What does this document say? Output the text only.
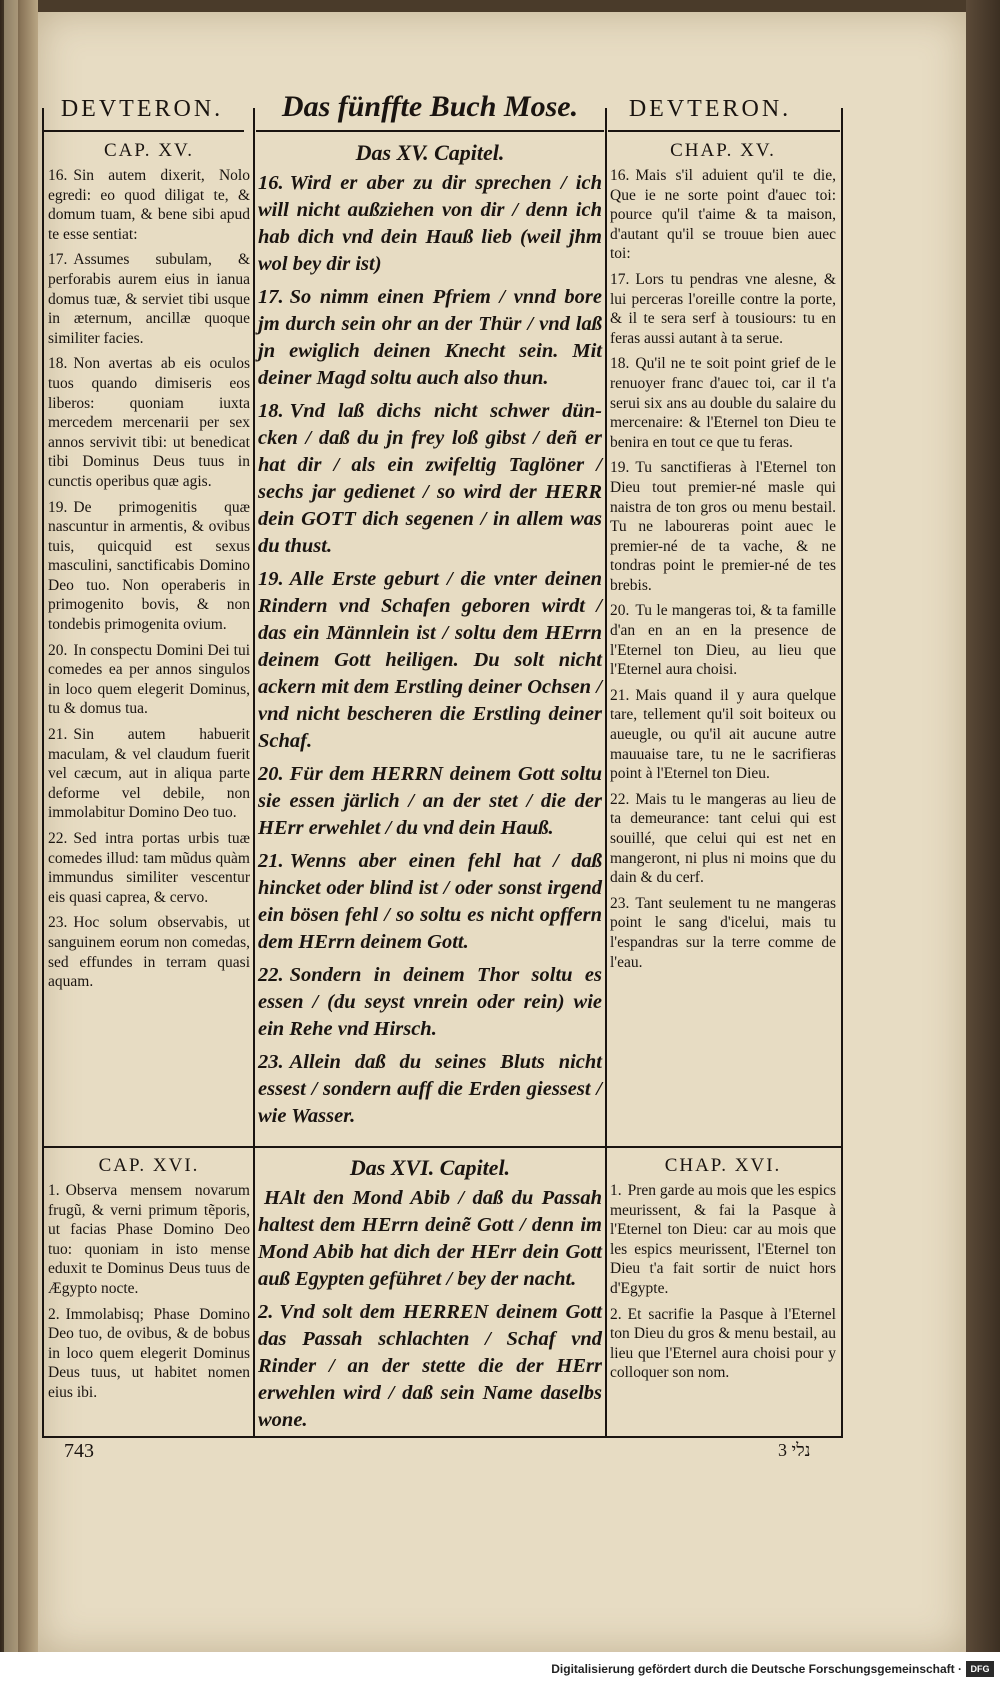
DEVTERON.	Das fünffte Buch Mose.	DEVTERON.
CAP. XV.

16. Sin autem dixerit, Nolo egredi: eo quod diligat te, & domum tuam, & bene sibi apud te esse sentiat:

17. Assumes subulam, & perforabis aurem eius in ianua domus tuæ, & serviet tibi usque in æternum, ancillæ quoque similiter facies.

18. Non avertas ab eis oculos tuos quando dimiseris eos liberos: quoniam iuxta mercedem mercenarii per sex annos servivit tibi: ut benedicat tibi Dominus Deus tuus in cunctis operibus quæ agis.

19. De primogenitis quæ nascuntur in armentis, & ovibus tuis, quicquid est sexus masculini, sanctificabis Domino Deo tuo. Non operaberis in primogenito bovis, & non tondebis primogenita ovium.

20. In conspectu Domini Dei tui comedes ea per annos singulos in loco quem elegerit Dominus, tu & domus tua.

21. Sin autem habuerit maculam, & vel claudum fuerit vel cæcum, aut in aliqua parte deforme vel debile, non immolabitur Domino Deo tuo.

22. Sed intra portas urbis tuæ comedes illud: tam mũdus quàm immundus similiter vescentur eis quasi caprea, & cervo.

23. Hoc solum observabis, ut sanguinem eorum non comedas, sed effundes in terram quasi aquam.

Das XV. Capitel.

16. Wird er aber zu dir sprechen / ich will nicht außziehen von dir / denn ich hab dich vnd dein Hauß lieb (weil jhm wol bey dir ist)

17. So nimm einen Pfriem / vnnd bore jm durch sein ohr an der Thür / vnd laß jn ewiglich deinen Knecht sein. Mit deiner Magd soltu auch also thun.

18. Vnd laß dichs nicht schwer dün-cken / daß du jn frey loß gibst / deñ er hat dir / als ein zwifeltig Taglöner / sechs jar gedienet / so wird der HERR dein GOTT dich segenen / in allem was du thust.

19. Alle Erste geburt / die vnter deinen Rindern vnd Schafen geboren wirdt / das ein Männlein ist / soltu dem HErrn deinem Gott heiligen. Du solt nicht ackern mit dem Erstling deiner Ochsen / vnd nicht bescheren die Erstling deiner Schaf.

20. Für dem HERRN deinem Gott soltu sie essen järlich / an der stet / die der HErr erwehlet / du vnd dein Hauß.

21. Wenns aber einen fehl hat / daß hincket oder blind ist / oder sonst irgend ein bösen fehl / so soltu es nicht opffern dem HErrn deinem Gott.

22. Sondern in deinem Thor soltu es essen / (du seyst vnrein oder rein) wie ein Rehe vnd Hirsch.

23. Allein daß du seines Bluts nicht essest / sondern auff die Erden giessest / wie Wasser.

CHAP. XV.

16. Mais s'il aduient qu'il te die, Que ie ne sorte point d'auec toi: pource qu'il t'aime & ta maison, d'autant qu'il se trouue bien auec toi:

17. Lors tu pendras vne alesne, & lui perceras l'oreille contre la porte, & il te sera serf à tousiours: tu en feras aussi autant à ta serue.

18. Qu'il ne te soit point grief de le renuoyer franc d'auec toi, car il t'a serui six ans au double du salaire du mercenaire: & l'Eternel ton Dieu te benira en tout ce que tu feras.

19. Tu sanctifieras à l'Eternel ton Dieu tout premier-né masle qui naistra de ton gros ou menu bestail. Tu ne laboureras point auec le premier-né de ta vache, & ne tondras point le premier-né de tes brebis.

20. Tu le mangeras toi, & ta famille d'an en an en la presence de l'Eternel ton Dieu, au lieu que l'Eternel aura choisi.

21. Mais quand il y aura quelque tare, tellement qu'il soit boiteux ou aueugle, ou qu'il ait aucune autre mauuaise tare, tu ne le sacrifieras point à l'Eternel ton Dieu.

22. Mais tu le mangeras au lieu de ta demeurance: tant celui qui est souillé, que celui qui est net en mangeront, ni plus ni moins que du dain & du cerf.

23. Tant seulement tu ne mangeras point le sang d'icelui, mais tu l'espandras sur la terre comme de l'eau.

CAP. XVI.

1. Observa mensem novarum frugũ, & verni primum tẽporis, ut facias Phase Domino Deo tuo: quoniam in isto mense eduxit te Dominus Deus tuus de Ægypto nocte.

2. Immolabisq; Phase Domino Deo tuo, de ovibus, & de bobus in loco quem elegerit Dominus Deus tuus, ut habitet nomen eius ibi.

Das XVI. Capitel.

HAlt den Mond Abib / daß du Passah haltest dem HErrn deinẽ Gott / denn im Mond Abib hat dich der HErr dein Gott auß Egypten geführet / bey der nacht.

2. Vnd solt dem HERREN deinem Gott das Passah schlachten / Schaf vnd Rinder / an der stette die der HErr erwehlen wird / daß sein Name daselbs wone.

CHAP. XVI.

1. Pren garde au mois que les espics meurissent, & fai la Pasque à l'Eternel ton Dieu: car au mois que les espics meurissent, l'Eternel ton Dieu t'a fait sortir de nuict hors d'Egypte.

2. Et sacrifie la Pasque à l'Eternel ton Dieu du gros & menu bestail, au lieu que l'Eternel aura choisi pour y colloquer son nom.

743	נלי 3
Digitalisierung gefördert durch die Deutsche Forschungsgemeinschaft · DFG
